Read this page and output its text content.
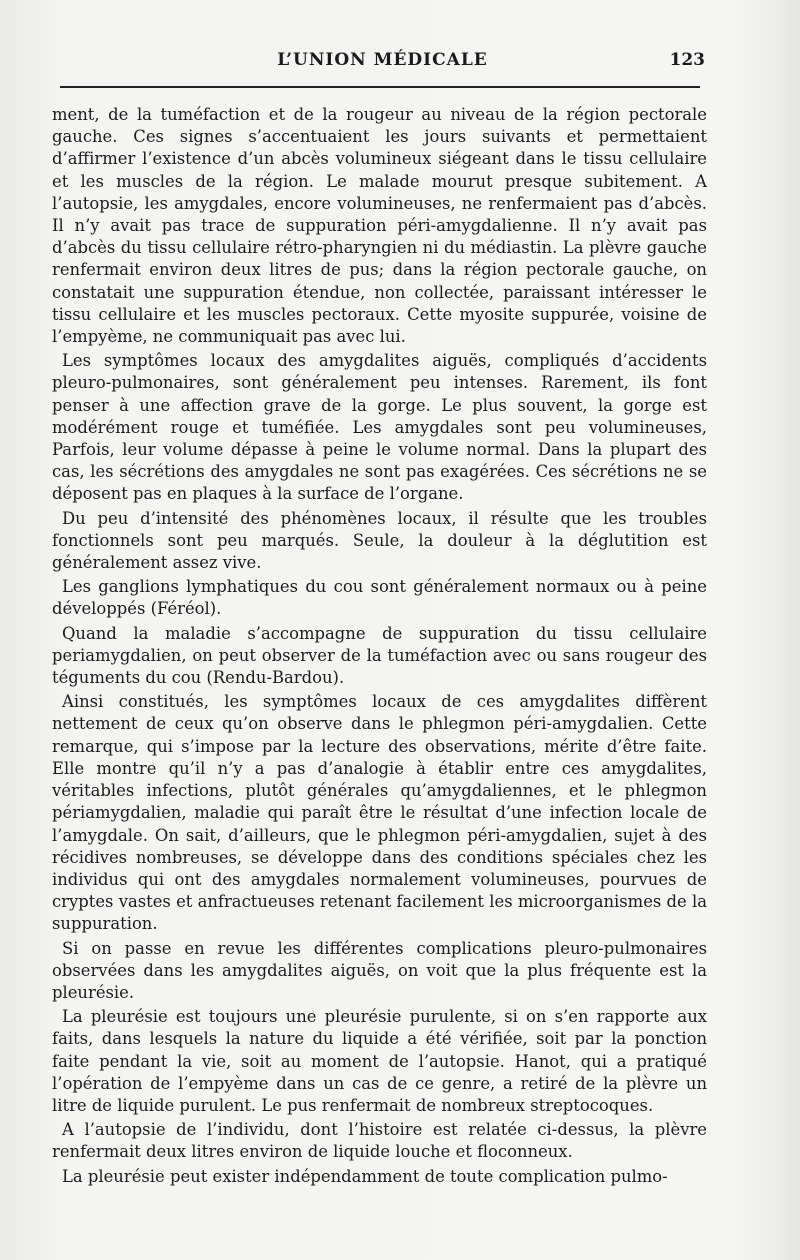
L’UNION MÉDICALE	123

ment, de la tuméfaction et de la rougeur au niveau de la région pectorale gauche. Ces signes s’accentuaient les jours suivants et permettaient d’affirmer l’existence d’un abcès volumineux siégeant dans le tissu cellulaire et les muscles de la région. Le malade mourut presque subitement. A l’autopsie, les amygdales, encore volumineuses, ne renfermaient pas d’abcès. Il n’y avait pas trace de suppuration péri-amygdalienne. Il n’y avait pas d’abcès du tissu cellulaire rétro-pharyngien ni du médiastin. La plèvre gauche renfermait environ deux litres de pus; dans la région pectorale gauche, on constatait une suppuration étendue, non collectée, paraissant intéresser le tissu cellulaire et les muscles pectoraux. Cette myosite suppurée, voisine de l’empyème, ne communiquait pas avec lui.

Les symptômes locaux des amygdalites aiguës, compliqués d’accidents pleuro-pulmonaires, sont généralement peu intenses. Rarement, ils font penser à une affection grave de la gorge. Le plus souvent, la gorge est modérément rouge et tuméfiée. Les amygdales sont peu volumineuses, Parfois, leur volume dépasse à peine le volume normal. Dans la plupart des cas, les sécrétions des amygdales ne sont pas exagérées. Ces sécrétions ne se déposent pas en plaques à la surface de l’organe.

Du peu d’intensité des phénomènes locaux, il résulte que les troubles fonctionnels sont peu marqués. Seule, la douleur à la déglutition est généralement assez vive.

Les ganglions lymphatiques du cou sont généralement normaux ou à peine développés (Féréol).

Quand la maladie s’accompagne de suppuration du tissu cellulaire periamygdalien, on peut observer de la tuméfaction avec ou sans rougeur des téguments du cou (Rendu-Bardou).

Ainsi constitués, les symptômes locaux de ces amygdalites diffèrent nettement de ceux qu’on observe dans le phlegmon péri-amygdalien. Cette remarque, qui s’impose par la lecture des observations, mérite d’être faite. Elle montre qu’il n’y a pas d’analogie à établir entre ces amygdalites, véritables infections, plutôt générales qu’amygdaliennes, et le phlegmon périamygdalien, maladie qui paraît être le résultat d’une infection locale de l’amygdale. On sait, d’ailleurs, que le phlegmon péri-amygdalien, sujet à des récidives nombreuses, se développe dans des conditions spéciales chez les individus qui ont des amygdales normalement volumineuses, pourvues de cryptes vastes et anfractueuses retenant facilement les microorganismes de la suppuration.

Si on passe en revue les différentes complications pleuro-pulmonaires observées dans les amygdalites aiguës, on voit que la plus fréquente est la pleurésie.

La pleurésie est toujours une pleurésie purulente, si on s’en rapporte aux faits, dans lesquels la nature du liquide a été vérifiée, soit par la ponction faite pendant la vie, soit au moment de l’autopsie. Hanot, qui a pratiqué l’opération de l’empyème dans un cas de ce genre, a retiré de la plèvre un litre de liquide purulent. Le pus renfermait de nombreux streptocoques.

A l’autopsie de l’individu, dont l’histoire est relatée ci-dessus, la plèvre renfermait deux litres environ de liquide louche et floconneux.

La pleurésie peut exister indépendamment de toute complication pulmo-
